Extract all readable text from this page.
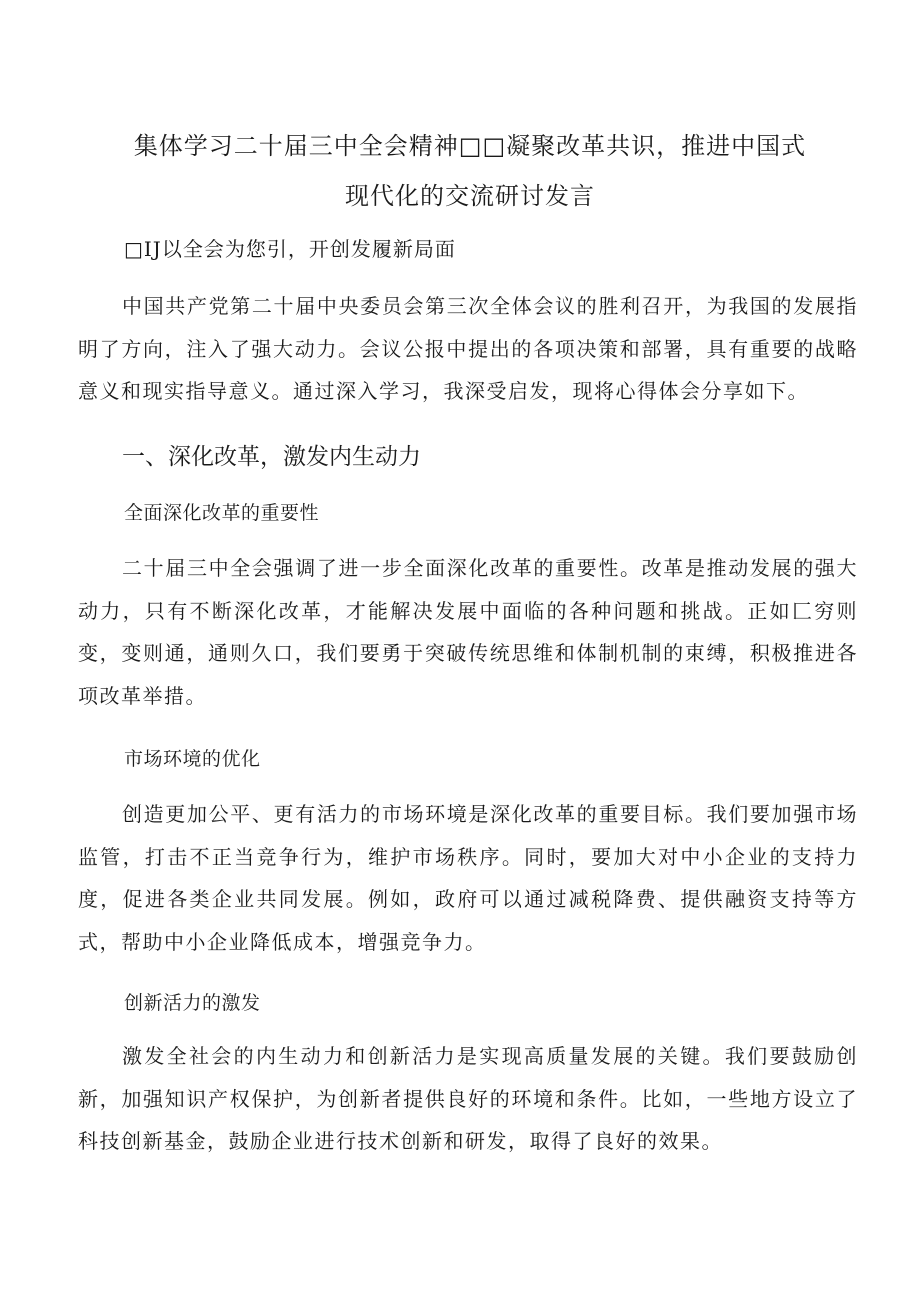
集体学习二十届三中全会精神□□凝聚改革共识，推进中国式
现代化的交流研讨发言
□IJ以全会为您引，开创发履新局面

中国共产党第二十届中央委员会第三次全体会议的胜利召开，为我国的发展指明了方向，注入了强大动力。会议公报中提出的各项决策和部署，具有重要的战略意义和现实指导意义。通过深入学习，我深受启发，现将心得体会分享如下。

一、深化改革，激发内生动力
全面深化改革的重要性

二十届三中全会强调了进一步全面深化改革的重要性。改革是推动发展的强大动力，只有不断深化改革，才能解决发展中面临的各种问题和挑战。正如匚穷则变，变则通，通则久口，我们要勇于突破传统思维和体制机制的束缚，积极推进各项改革举措。

市场环境的优化

创造更加公平、更有活力的市场环境是深化改革的重要目标。我们要加强市场监管，打击不正当竞争行为，维护市场秩序。同时，要加大对中小企业的支持力度，促进各类企业共同发展。例如，政府可以通过减税降费、提供融资支持等方式，帮助中小企业降低成本，增强竞争力。

创新活力的激发

激发全社会的内生动力和创新活力是实现高质量发展的关键。我们要鼓励创新，加强知识产权保护，为创新者提供良好的环境和条件。比如，一些地方设立了科技创新基金，鼓励企业进行技术创新和研发，取得了良好的效果。
